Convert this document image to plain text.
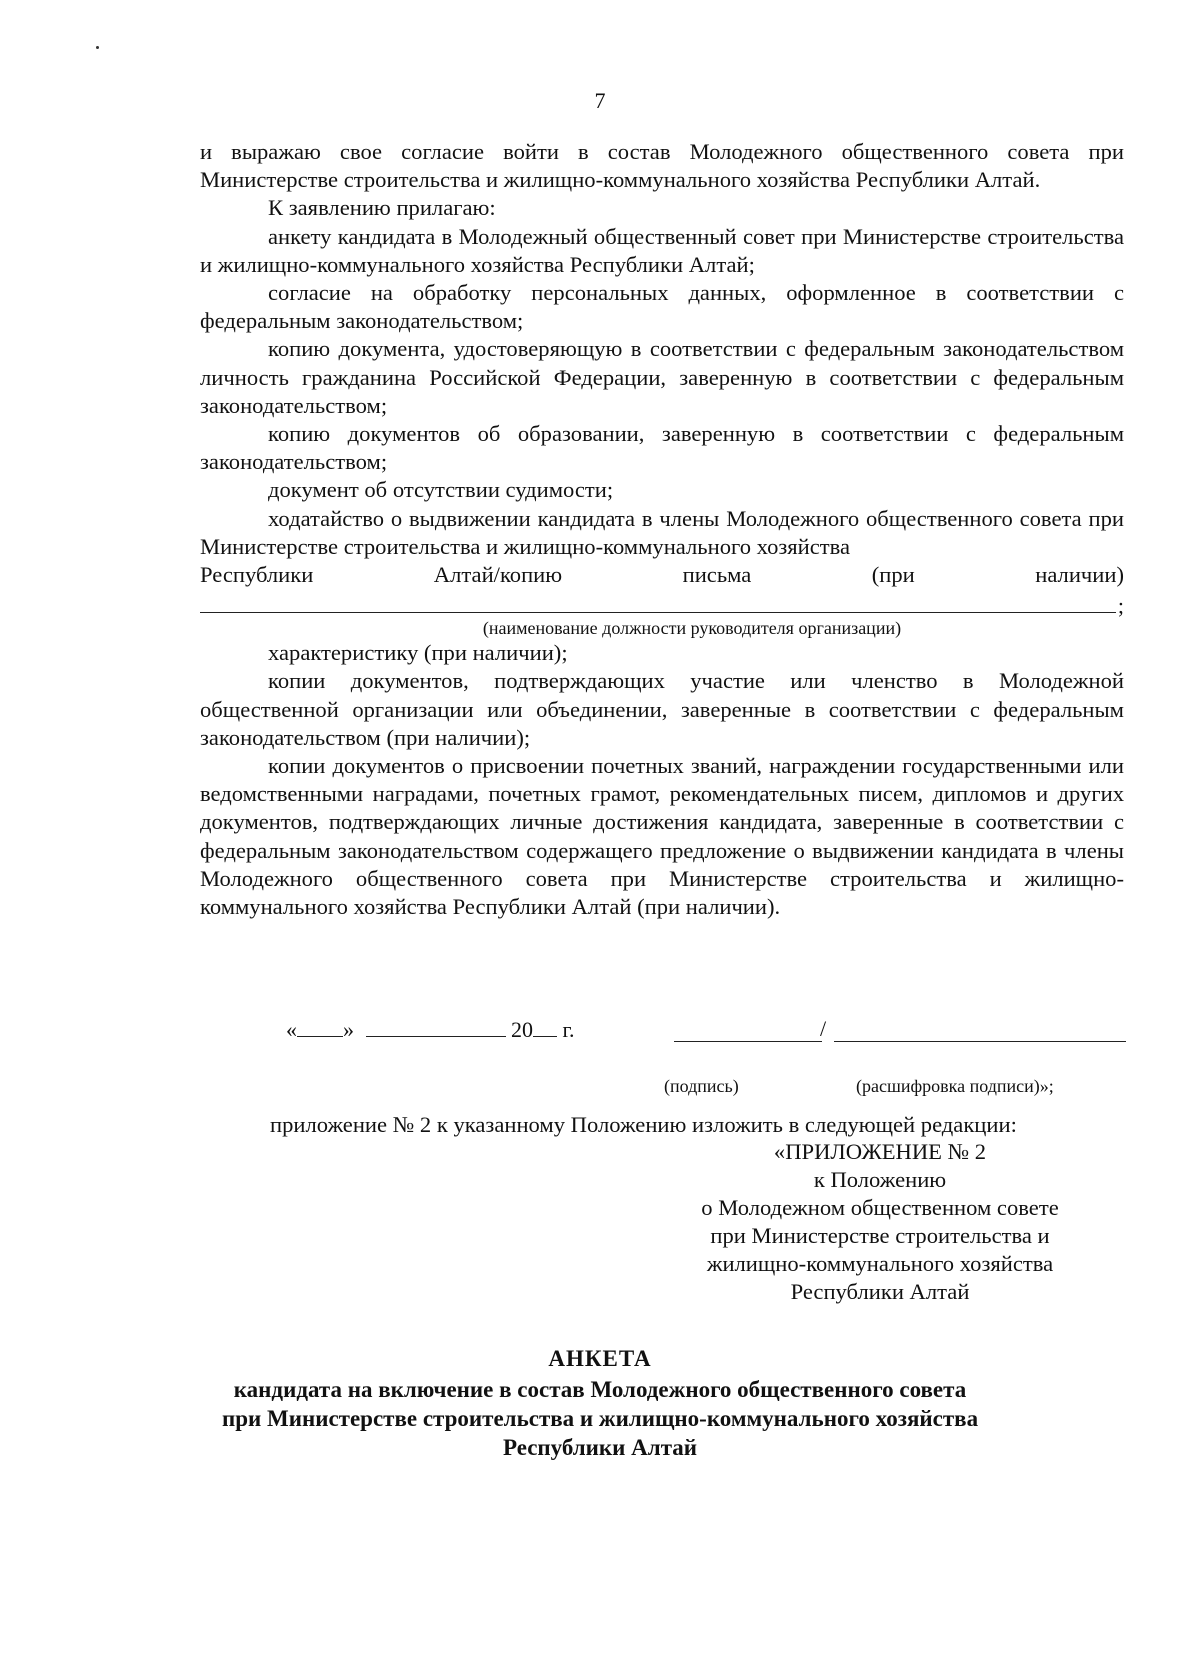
7

и выражаю свое согласие войти в состав Молодежного общественного совета при Министерстве строительства и жилищно-коммунального хозяйства Республики Алтай.

К заявлению прилагаю:

анкету кандидата в Молодежный общественный совет при Министерстве строительства и жилищно-коммунального хозяйства Республики Алтай;

согласие на обработку персональных данных, оформленное в соответствии с федеральным законодательством;

копию документа, удостоверяющую в соответствии с федеральным законодательством личность гражданина Российской Федерации, заверенную в соответствии с федеральным законодательством;

копию документов об образовании, заверенную в соответствии с федеральным законодательством;

документ об отсутствии судимости;

ходатайство о выдвижении кандидата в члены Молодежного общественного совета при Министерстве строительства и жилищно-коммунального хозяйства

Республики Алтай/копию письма (при наличии)

;
(наименование должности руководителя организации)

характеристику (при наличии);

копии документов, подтверждающих участие или членство в Молодежной общественной организации или объединении, заверенные в соответствии с федеральным законодательством (при наличии);

копии документов о присвоении почетных званий, награждении государственными или ведомственными наградами, почетных грамот, рекомендательных писем, дипломов и других документов, подтверждающих личные достижения кандидата, заверенные в соответствии с федеральным законодательством содержащего предложение о выдвижении кандидата в члены Молодежного общественного совета при Министерстве строительства и жилищно-коммунального хозяйства Республики Алтай (при наличии).

« »	20 г.	/
(подпись)	(расшифровка подписи)»;
приложение № 2 к указанному Положению изложить в следующей редакции:
«ПРИЛОЖЕНИЕ № 2
к Положению
о Молодежном общественном совете
при Министерстве строительства и
жилищно-коммунального хозяйства
Республики Алтай
АНКЕТА
кандидата на включение в состав Молодежного общественного совета
при Министерстве строительства и жилищно-коммунального хозяйства
Республики Алтай
